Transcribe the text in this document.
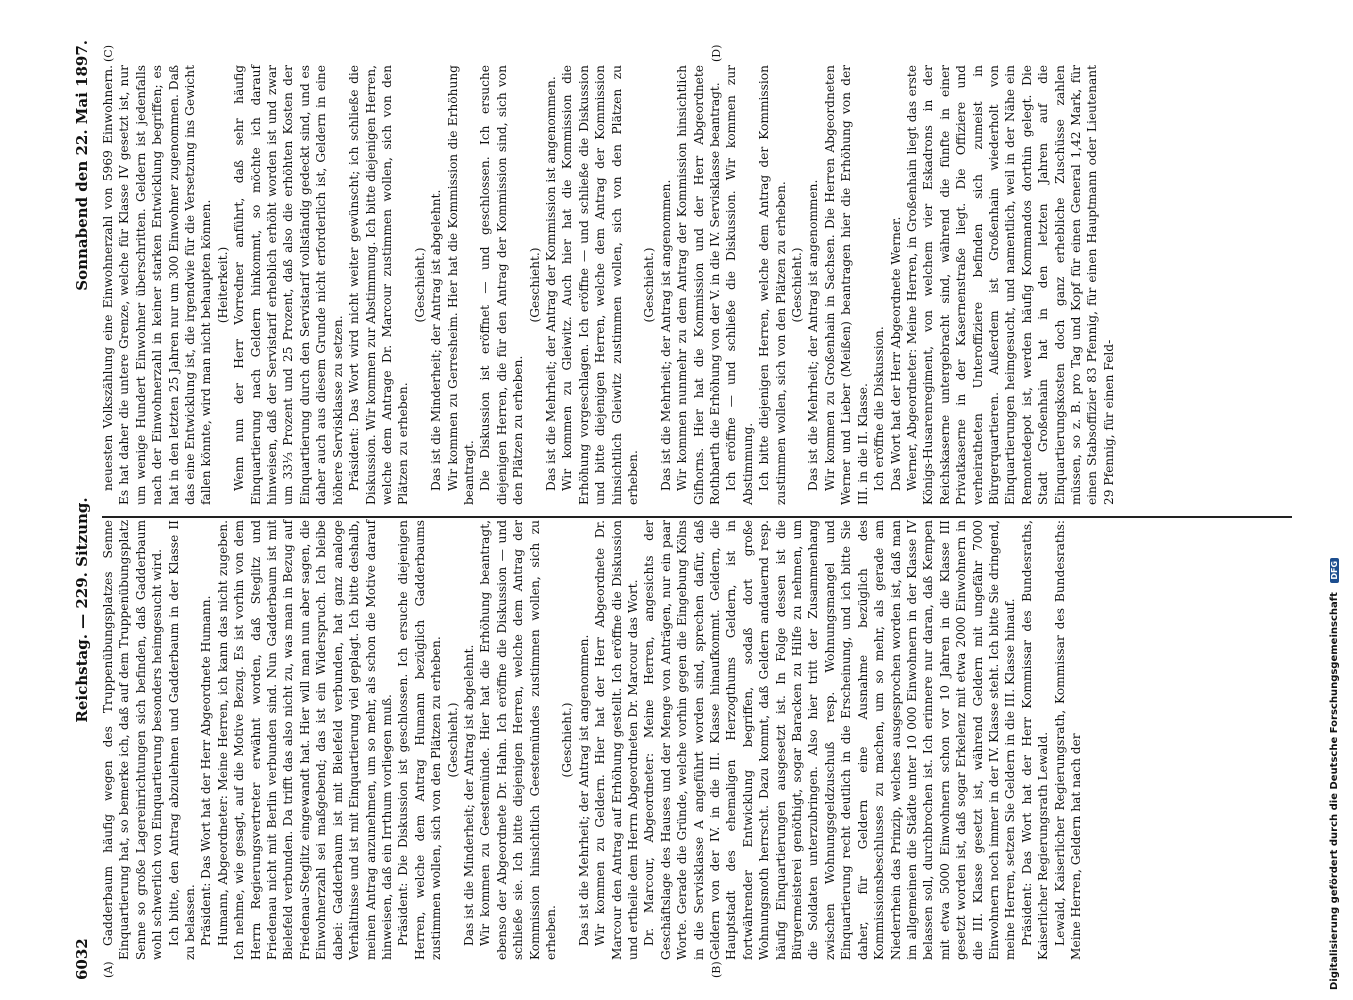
6032
Reichstag. — 229. Sitzung.
Sonnabend den 22. Mai 1897.
(A)	(B)
(C)	(D)

Gadderbaum häufig wegen des Truppenübungsplatzes Senne Einquartierung hat, so bemerke ich, daß auf dem Truppenübungsplatz Senne so große Lagereinrichtungen sich befinden, daß Gadderbaum wohl schwerlich von Einquartierung besonders heimgesucht wird. Ich bitte, den Antrag abzulehnen und Gadderbaum in der Klasse II zu belassen. Präsident: Das Wort hat der Herr Abgeordnete Humann. Humann, Abgeordneter: Meine Herren, ich kann das nicht zugeben. Ich nehme, wie gesagt, auf die Motive Bezug. Es ist vorhin von dem Herrn Regierungsvertreter erwähnt worden, daß Steglitz und Friedenau nicht mit Berlin verbunden sind. Nun Gadderbaum ist mit Bielefeld verbunden. Da trifft das also nicht zu, was man in Bezug auf Friedenau-Steglitz eingewandt hat. Hier will man nun aber sagen, die Einwohnerzahl sei maßgebend; das ist ein Widerspruch. Ich bleibe dabei: Gadderbaum ist mit Bielefeld verbunden, hat ganz analoge Verhältnisse und ist mit Einquartierung viel geplagt. Ich bitte deshalb, meinen Antrag anzunehmen, um so mehr, als schon die Motive darauf hinweisen, daß ein Irrthum vorliegen muß. Präsident: Die Diskussion ist geschlossen. Ich ersuche diejenigen Herren, welche dem Antrag Humann bezüglich Gadderbaums zustimmen wollen, sich von den Plätzen zu erheben. (Geschieht.) Das ist die Minderheit; der Antrag ist abgelehnt. Wir kommen zu Geestemünde. Hier hat die Erhöhung beantragt, ebenso der Abgeordnete Dr. Hahn. Ich eröffne die Diskussion — und schließe sie. Ich bitte diejenigen Herren, welche dem Antrag der Kommission hinsichtlich Geestemündes zustimmen wollen, sich zu erheben.

(Geschieht.) Das ist die Mehrheit; der Antrag ist angenommen. Wir kommen zu Geldern. Hier hat der Herr Abgeordnete Dr. Marcour den Antrag auf Erhöhung gestellt. Ich eröffne die Diskussion und ertheile dem Herrn Abgeordneten Dr. Marcour das Wort. Dr. Marcour, Abgeordneter: Meine Herren, angesichts der Geschäftslage des Hauses und der Menge von Anträgen, nur ein paar Worte. Gerade die Gründe, welche vorhin gegen die Eingebung Kölns in die Servisklasse A angeführt worden sind, sprechen dafür, daß Geldern von der IV. in die III. Klasse hinaufkommt. Geldern, die Hauptstadt des ehemaligen Herzogthums Geldern, ist in fortwährender Entwicklung begriffen, sodaß dort große Wohnungsnoth herrscht. Dazu kommt, daß Geldern andauernd resp. häufig Einquartierungen ausgesetzt ist. In Folge dessen ist die Bürgermeisterei genöthigt, sogar Baracken zu Hilfe zu nehmen, um die Soldaten unterzubringen. Also hier tritt der Zusammenhang zwischen Wohnungsgeldzuschuß resp. Wohnungsmangel und Einquartierung recht deutlich in die Erscheinung, und ich bitte Sie daher, für Geldern eine Ausnahme bezüglich des Kommissionsbeschlusses zu machen, um so mehr, als gerade am Niederrhein das Prinzip, welches ausgesprochen worden ist, daß man im allgemeinen die Städte unter 10 000 Einwohnern in der Klasse IV belassen soll, durchbrochen ist. Ich erinnere nur daran, daß Kempen mit etwa 5000 Einwohnern schon vor 10 Jahren in die Klasse III gesetzt worden ist, daß sogar Erkelenz mit etwa 2000 Einwohnern in die III. Klasse gesetzt ist, während Geldern mit ungefähr 7000 Einwohnern noch immer in der IV. Klasse steht. Ich bitte Sie dringend, meine Herren, setzen Sie Geldern in die III. Klasse hinauf. Präsident: Das Wort hat der Herr Kommissar des Bundesraths, Kaiserlicher Regierungsrath Lewald. Lewald, Kaiserlicher Regierungsrath, Kommissar des Bundesraths: Meine Herren, Geldern hat nach der

neuesten Volkszählung eine Einwohnerzahl von 5969 Einwohnern. Es hat daher die untere Grenze, welche für Klasse IV gesetzt ist, nur um wenige Hundert Einwohner überschritten. Geldern ist jedenfalls nach der Einwohnerzahl in keiner starken Entwicklung begriffen; es hat in den letzten 25 Jahren nur um 300 Einwohner zugenommen. Daß das eine Entwicklung ist, die irgendwie für die Versetzung ins Gewicht fallen könnte, wird man nicht behaupten können. (Heiterkeit.) Wenn nun der Herr Vorredner anführt, daß sehr häufig Einquartierung nach Geldern hinkommt, so möchte ich darauf hinweisen, daß der Servistarif erheblich erhöht worden ist und zwar um 33⅓ Prozent und 25 Prozent, daß also die erhöhten Kosten der Einquartierung durch den Servistarif vollständig gedeckt sind, und es daher auch aus diesem Grunde nicht erforderlich ist, Geldern in eine höhere Servisklasse zu setzen. Präsident: Das Wort wird nicht weiter gewünscht; ich schließe die Diskussion. Wir kommen zur Abstimmung. Ich bitte diejenigen Herren, welche dem Antrage Dr. Marcour zustimmen wollen, sich von den Plätzen zu erheben.

(Geschieht.) Das ist die Minderheit; der Antrag ist abgelehnt. Wir kommen zu Gerresheim. Hier hat die Kommission die Erhöhung beantragt. Die Diskussion ist eröffnet — und geschlossen. Ich ersuche diejenigen Herren, die für den Antrag der Kommission sind, sich von den Plätzen zu erheben.

(Geschieht.) Das ist die Mehrheit; der Antrag der Kommission ist angenommen. Wir kommen zu Gleiwitz. Auch hier hat die Kommission die Erhöhung vorgeschlagen. Ich eröffne — und schließe die Diskussion und bitte diejenigen Herren, welche dem Antrag der Kommission hinsichtlich Gleiwitz zustimmen wollen, sich von den Plätzen zu erheben.

(Geschieht.) Das ist die Mehrheit; der Antrag ist angenommen. Wir kommen nunmehr zu dem Antrag der Kommission hinsichtlich Gifhorns. Hier hat die Kommission und der Herr Abgeordnete Rothbarth die Erhöhung von der V. in die IV. Servisklasse beantragt. Ich eröffne — und schließe die Diskussion. Wir kommen zur Abstimmung. Ich bitte diejenigen Herren, welche dem Antrag der Kommission zustimmen wollen, sich von den Plätzen zu erheben. (Geschieht.) Das ist die Mehrheit; der Antrag ist angenommen. Wir kommen zu Großenhain in Sachsen. Die Herren Abgeordneten Werner und Lieber (Meißen) beantragen hier die Erhöhung von der III. in die II. Klasse. Ich eröffne die Diskussion. Das Wort hat der Herr Abgeordnete Werner. Werner, Abgeordneter: Meine Herren, in Großenhain liegt das erste Königs-Husarenregiment, von welchem vier Eskadrons in der Reichskaserne untergebracht sind, während die fünfte in einer Privatkaserne in der Kasernenstraße liegt. Die Offiziere und verheiratheten Unteroffiziere befinden sich zumeist in Bürgerquartieren. Außerdem ist Großenhain wiederholt von Einquartierungen heimgesucht, und namentlich, weil in der Nähe ein Remontedepot ist, werden häufig Kommandos dorthin gelegt. Die Stadt Großenhain hat in den letzten Jahren auf die Einquartierungskosten doch ganz erhebliche Zuschüsse zahlen müssen, so z. B. pro Tag und Kopf für einen General 1,42 Mark, für einen Stabsoffizier 83 Pfennig, für einen Hauptmann oder Lieutenant 29 Pfennig, für einen Feld-

Digitalisierung gefördert durch die Deutsche Forschungsgemeinschaft DFG
